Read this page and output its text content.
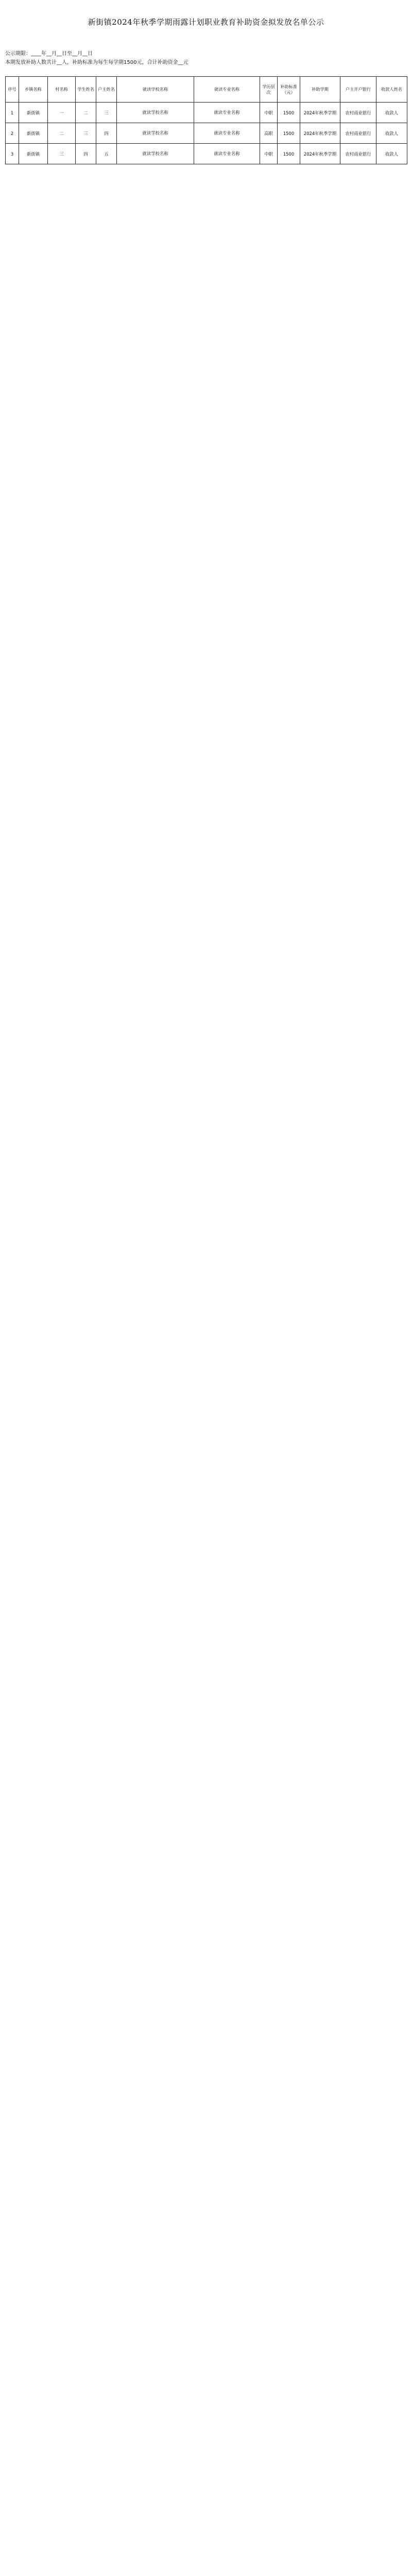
新街镇2024年秋季学期雨露计划职业教育补助资金拟发放名单公示
公示期限：____年__月__日至__月__日
本期发放补助人数共计__人，补助标准为每生每学期1500元，合计补助资金__元
序号	乡镇名称	村名称	学生姓名	户主姓名	就读学校名称	就读专业名称	学历层次	补助标准（元）	补助学期	户主开户银行	收款人姓名
1	新街镇	一	二	三	就读学校名称	就读专业名称	中职	1500	2024年秋季学期	农村商业银行	收款人
2	新街镇	二	三	四	就读学校名称	就读专业名称	高职	1500	2024年秋季学期	农村商业银行	收款人
3	新街镇	三	四	五	就读学校名称	就读专业名称	中职	1500	2024年秋季学期	农村商业银行	收款人
